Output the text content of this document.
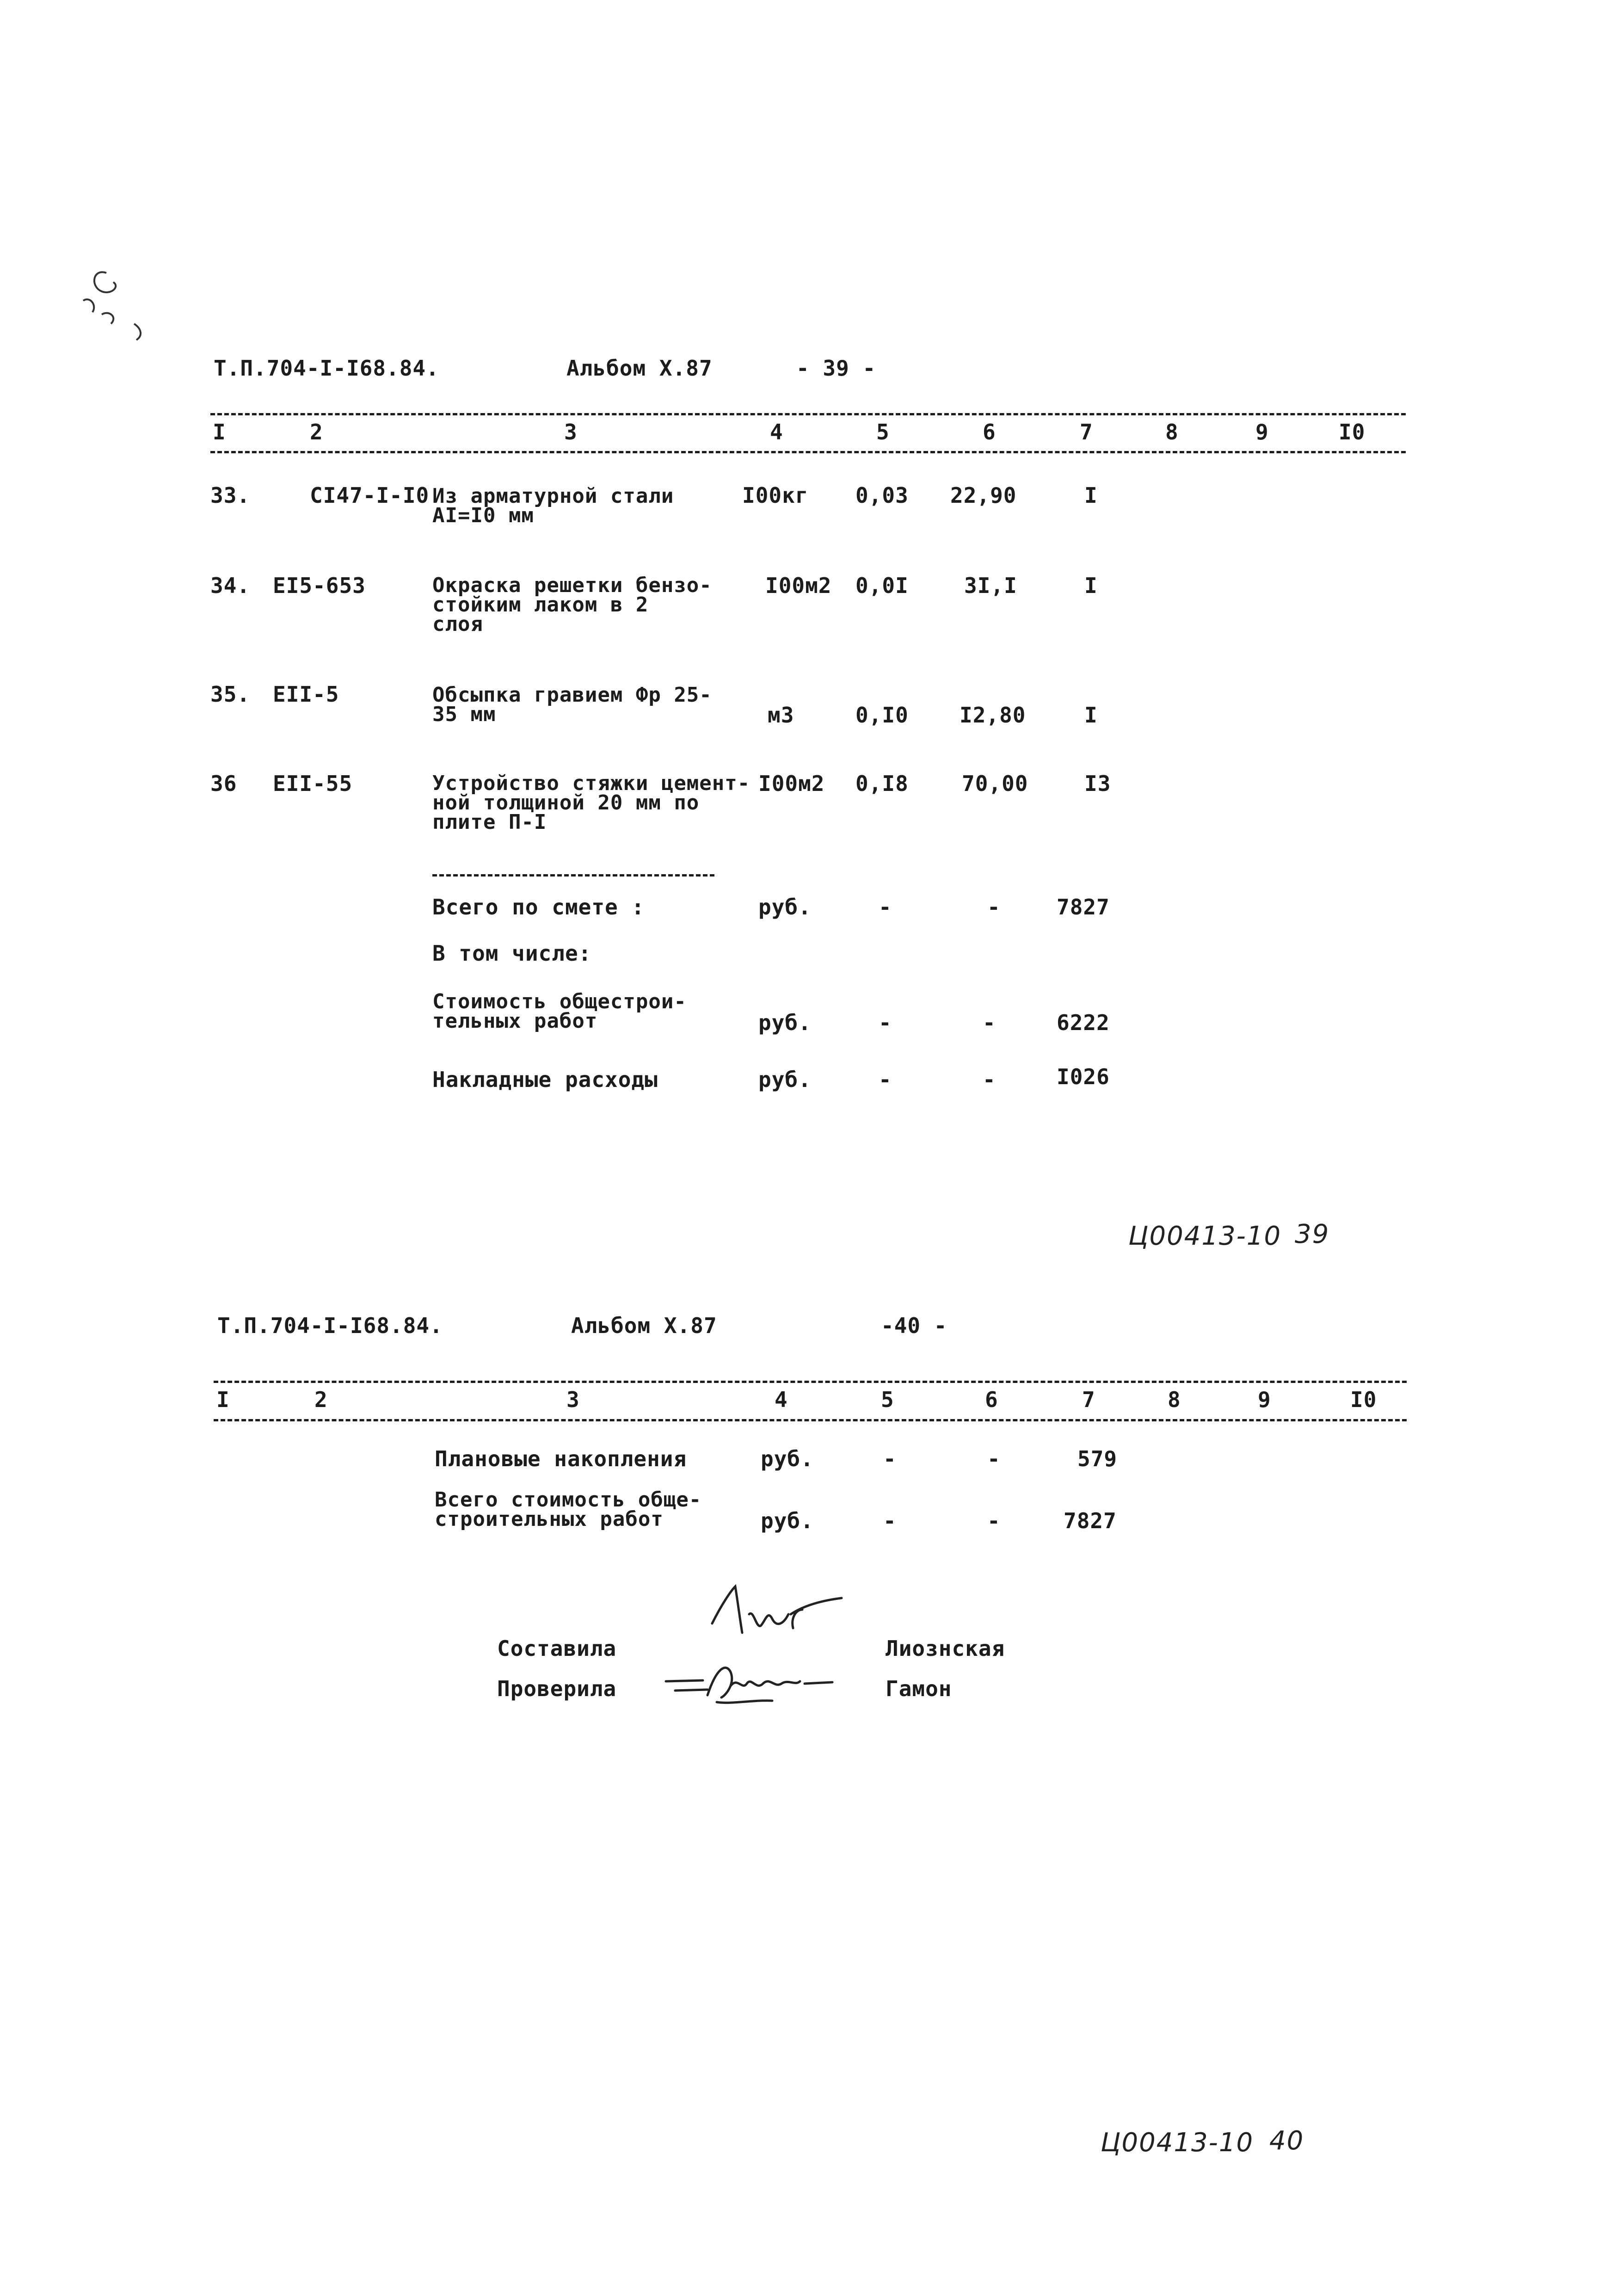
Т.П.704-I-I68.84.	Альбом X.87	- 39 -
I	2	3	4	5	6	7	8	9	I0
33.	CI47-I-I0 Из арматурной стали
AI=I0 мм
I00кг 0,03 22,90	I
34. EI5-653	Окраска решетки бензо-
стойким лаком в 2
слоя
I00м2 0,0I	3I,I	I
35. EII-5	Обсыпка гравием Фр 25-
35 мм	м3	0,I0 I2,80	I
36 EII-55	Устройство стяжки цемент-
ной толщиной 20 мм по
плите П-I
I00м2 0,I8	70,00	I3
Всего по смете :	руб.	-	-	7827
В том числе:
Стоимость общестрои-
тельных работ	руб.	-	-	6222
Накладные расходы	руб.	-	-	I026
Ц00413-10 39
Т.П.704-I-I68.84.	Альбом X.87	-40 -
I	2	3	4	5	6	7	8	9	I0
Плановые накопления	руб.	-	-	579
Всего стоимость обще-
строительных работ	руб.	-	-	7827
Составила	Лиознская
Проверила	Гамон
Ц00413-10 40
